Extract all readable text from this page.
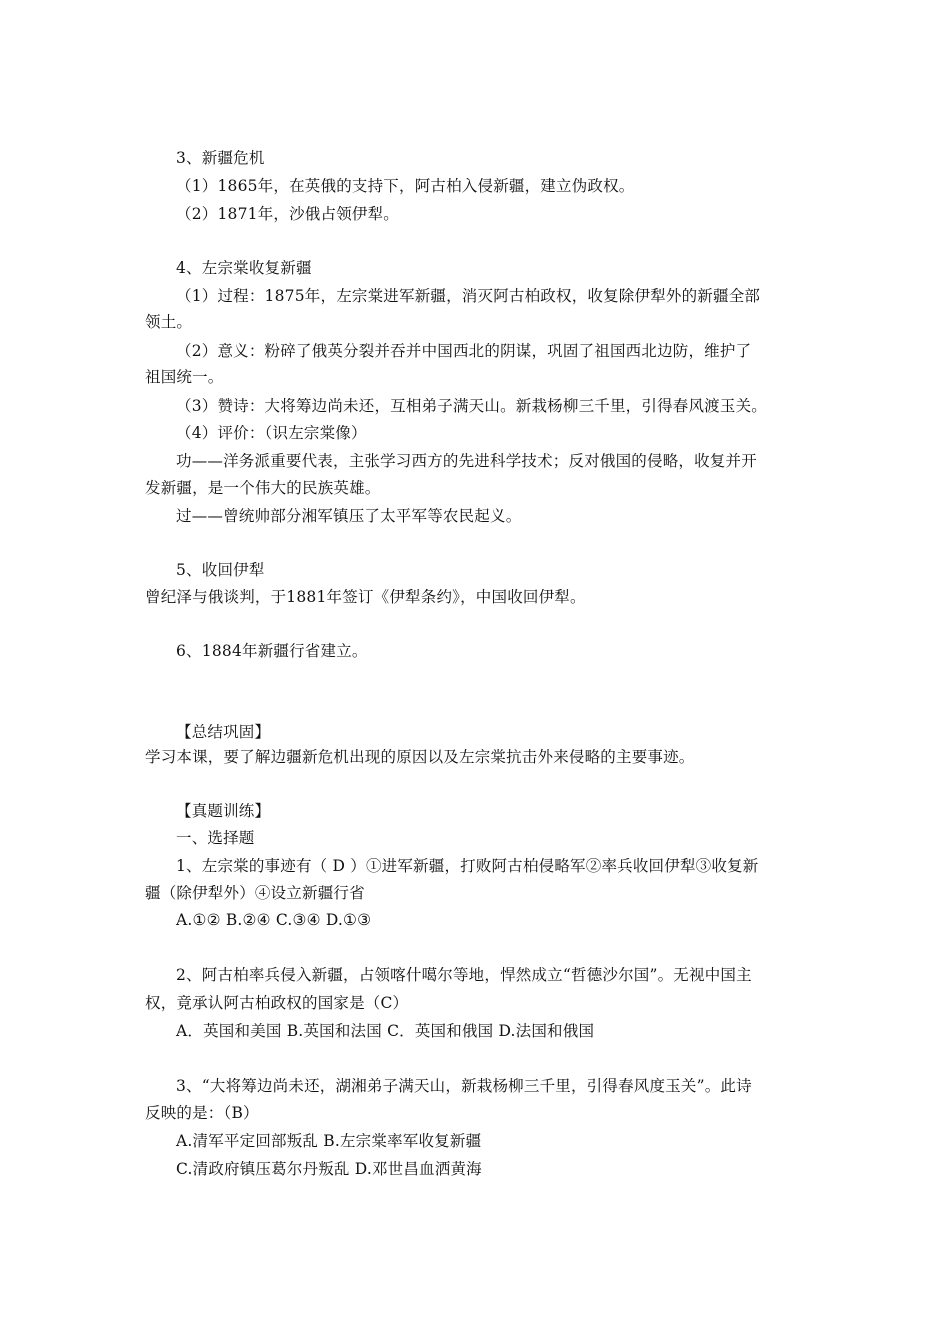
3、新疆危机
（1）1865年，在英俄的支持下，阿古柏入侵新疆，建立伪政权。
（2）1871年，沙俄占领伊犁。
4、左宗棠收复新疆
（1）过程：1875年，左宗棠进军新疆，消灭阿古柏政权，收复除伊犁外的新疆全部
领土。
（2）意义：粉碎了俄英分裂并吞并中国西北的阴谋，巩固了祖国西北边防，维护了
祖国统一。
（3）赞诗：大将筹边尚未还，互相弟子满天山。新栽杨柳三千里，引得春风渡玉关。
（4）评价：（识左宗棠像）
功——洋务派重要代表，主张学习西方的先进科学技术；反对俄国的侵略，收复并开
发新疆，是一个伟大的民族英雄。
过——曾统帅部分湘军镇压了太平军等农民起义。
5、收回伊犁
曾纪泽与俄谈判，于1881年签订《伊犁条约》，中国收回伊犁。
6、1884年新疆行省建立。
【总结巩固】
学习本课，要了解边疆新危机出现的原因以及左宗棠抗击外来侵略的主要事迹。
【真题训练】
一、选择题
1、左宗棠的事迹有（ D ）①进军新疆，打败阿古柏侵略军②率兵收回伊犁③收复新
疆（除伊犁外）④设立新疆行省
A.①② B.②④ C.③④ D.①③
2、阿古柏率兵侵入新疆，占领喀什噶尔等地，悍然成立“哲德沙尔国”。无视中国主
权，竟承认阿古柏政权的国家是（C）
A．英国和美国 B.英国和法国 C．英国和俄国 D.法国和俄国
3、“大将筹边尚未还，湖湘弟子满天山，新栽杨柳三千里，引得春风度玉关”。此诗
反映的是：（B）
A.清军平定回部叛乱 B.左宗棠率军收复新疆
C.清政府镇压葛尔丹叛乱 D.邓世昌血洒黄海
